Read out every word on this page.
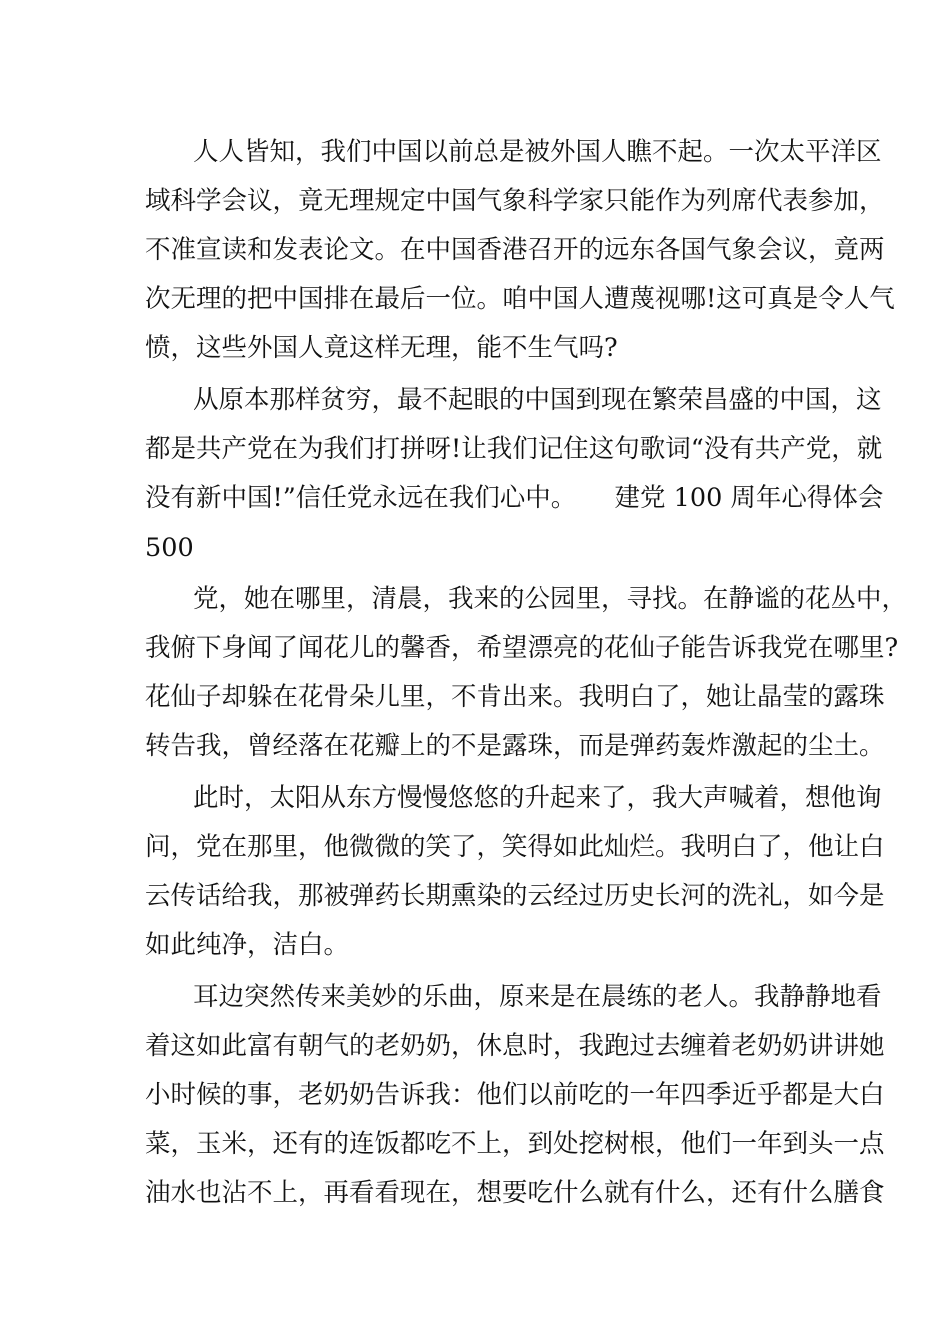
人人皆知，我们中国以前总是被外国人瞧不起。一次太平洋区
域科学会议，竟无理规定中国气象科学家只能作为列席代表参加，
不准宣读和发表论文。在中国香港召开的远东各国气象会议，竟两
次无理的把中国排在最后一位。咱中国人遭蔑视哪!这可真是令人气
愤，这些外国人竟这样无理，能不生气吗?
从原本那样贫穷，最不起眼的中国到现在繁荣昌盛的中国，这
都是共产党在为我们打拼呀!让我们记住这句歌词“没有共产党，就
没有新中国!”信任党永远在我们心中。　　建党 100 周年心得体会
500
党，她在哪里，清晨，我来的公园里，寻找。在静谧的花丛中，
我俯下身闻了闻花儿的馨香，希望漂亮的花仙子能告诉我党在哪里?
花仙子却躲在花骨朵儿里，不肯出来。我明白了，她让晶莹的露珠
转告我，曾经落在花瓣上的不是露珠，而是弹药轰炸激起的尘土。
此时，太阳从东方慢慢悠悠的升起来了，我大声喊着，想他询
问，党在那里，他微微的笑了，笑得如此灿烂。我明白了，他让白
云传话给我，那被弹药长期熏染的云经过历史长河的洗礼，如今是
如此纯净，洁白。
耳边突然传来美妙的乐曲，原来是在晨练的老人。我静静地看
着这如此富有朝气的老奶奶，休息时，我跑过去缠着老奶奶讲讲她
小时候的事，老奶奶告诉我：他们以前吃的一年四季近乎都是大白
菜，玉米，还有的连饭都吃不上，到处挖树根，他们一年到头一点
油水也沾不上，再看看现在，想要吃什么就有什么，还有什么膳食
